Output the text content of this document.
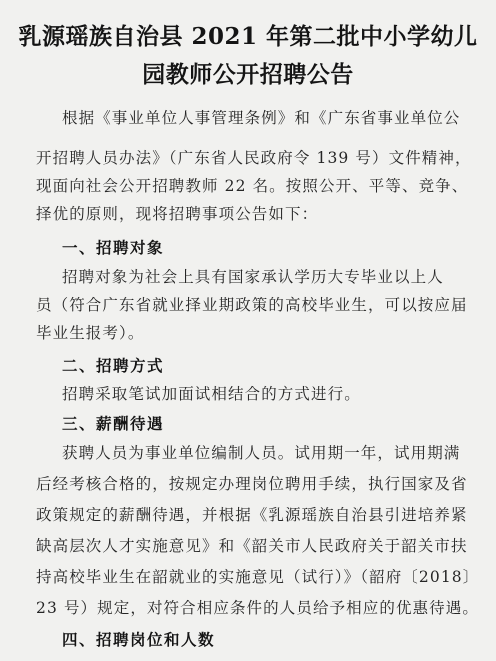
乳源瑶族自治县 2021 年第二批中小学幼儿
园教师公开招聘公告
根据《事业单位人事管理条例》和《广东省事业单位公
开招聘人员办法》（广东省人民政府令 139 号）文件精神，
现面向社会公开招聘教师 22 名。按照公开、平等、竞争、
择优的原则，现将招聘事项公告如下：
一、招聘对象
招聘对象为社会上具有国家承认学历大专毕业以上人
员（符合广东省就业择业期政策的高校毕业生，可以按应届
毕业生报考）。
二、招聘方式
招聘采取笔试加面试相结合的方式进行。
三、薪酬待遇
获聘人员为事业单位编制人员。试用期一年，试用期满
后经考核合格的，按规定办理岗位聘用手续，执行国家及省
政策规定的薪酬待遇，并根据《乳源瑶族自治县引进培养紧
缺高层次人才实施意见》和《韶关市人民政府关于韶关市扶
持高校毕业生在韶就业的实施意见（试行）》（韶府〔2018〕
23 号）规定，对符合相应条件的人员给予相应的优惠待遇。
四、招聘岗位和人数
